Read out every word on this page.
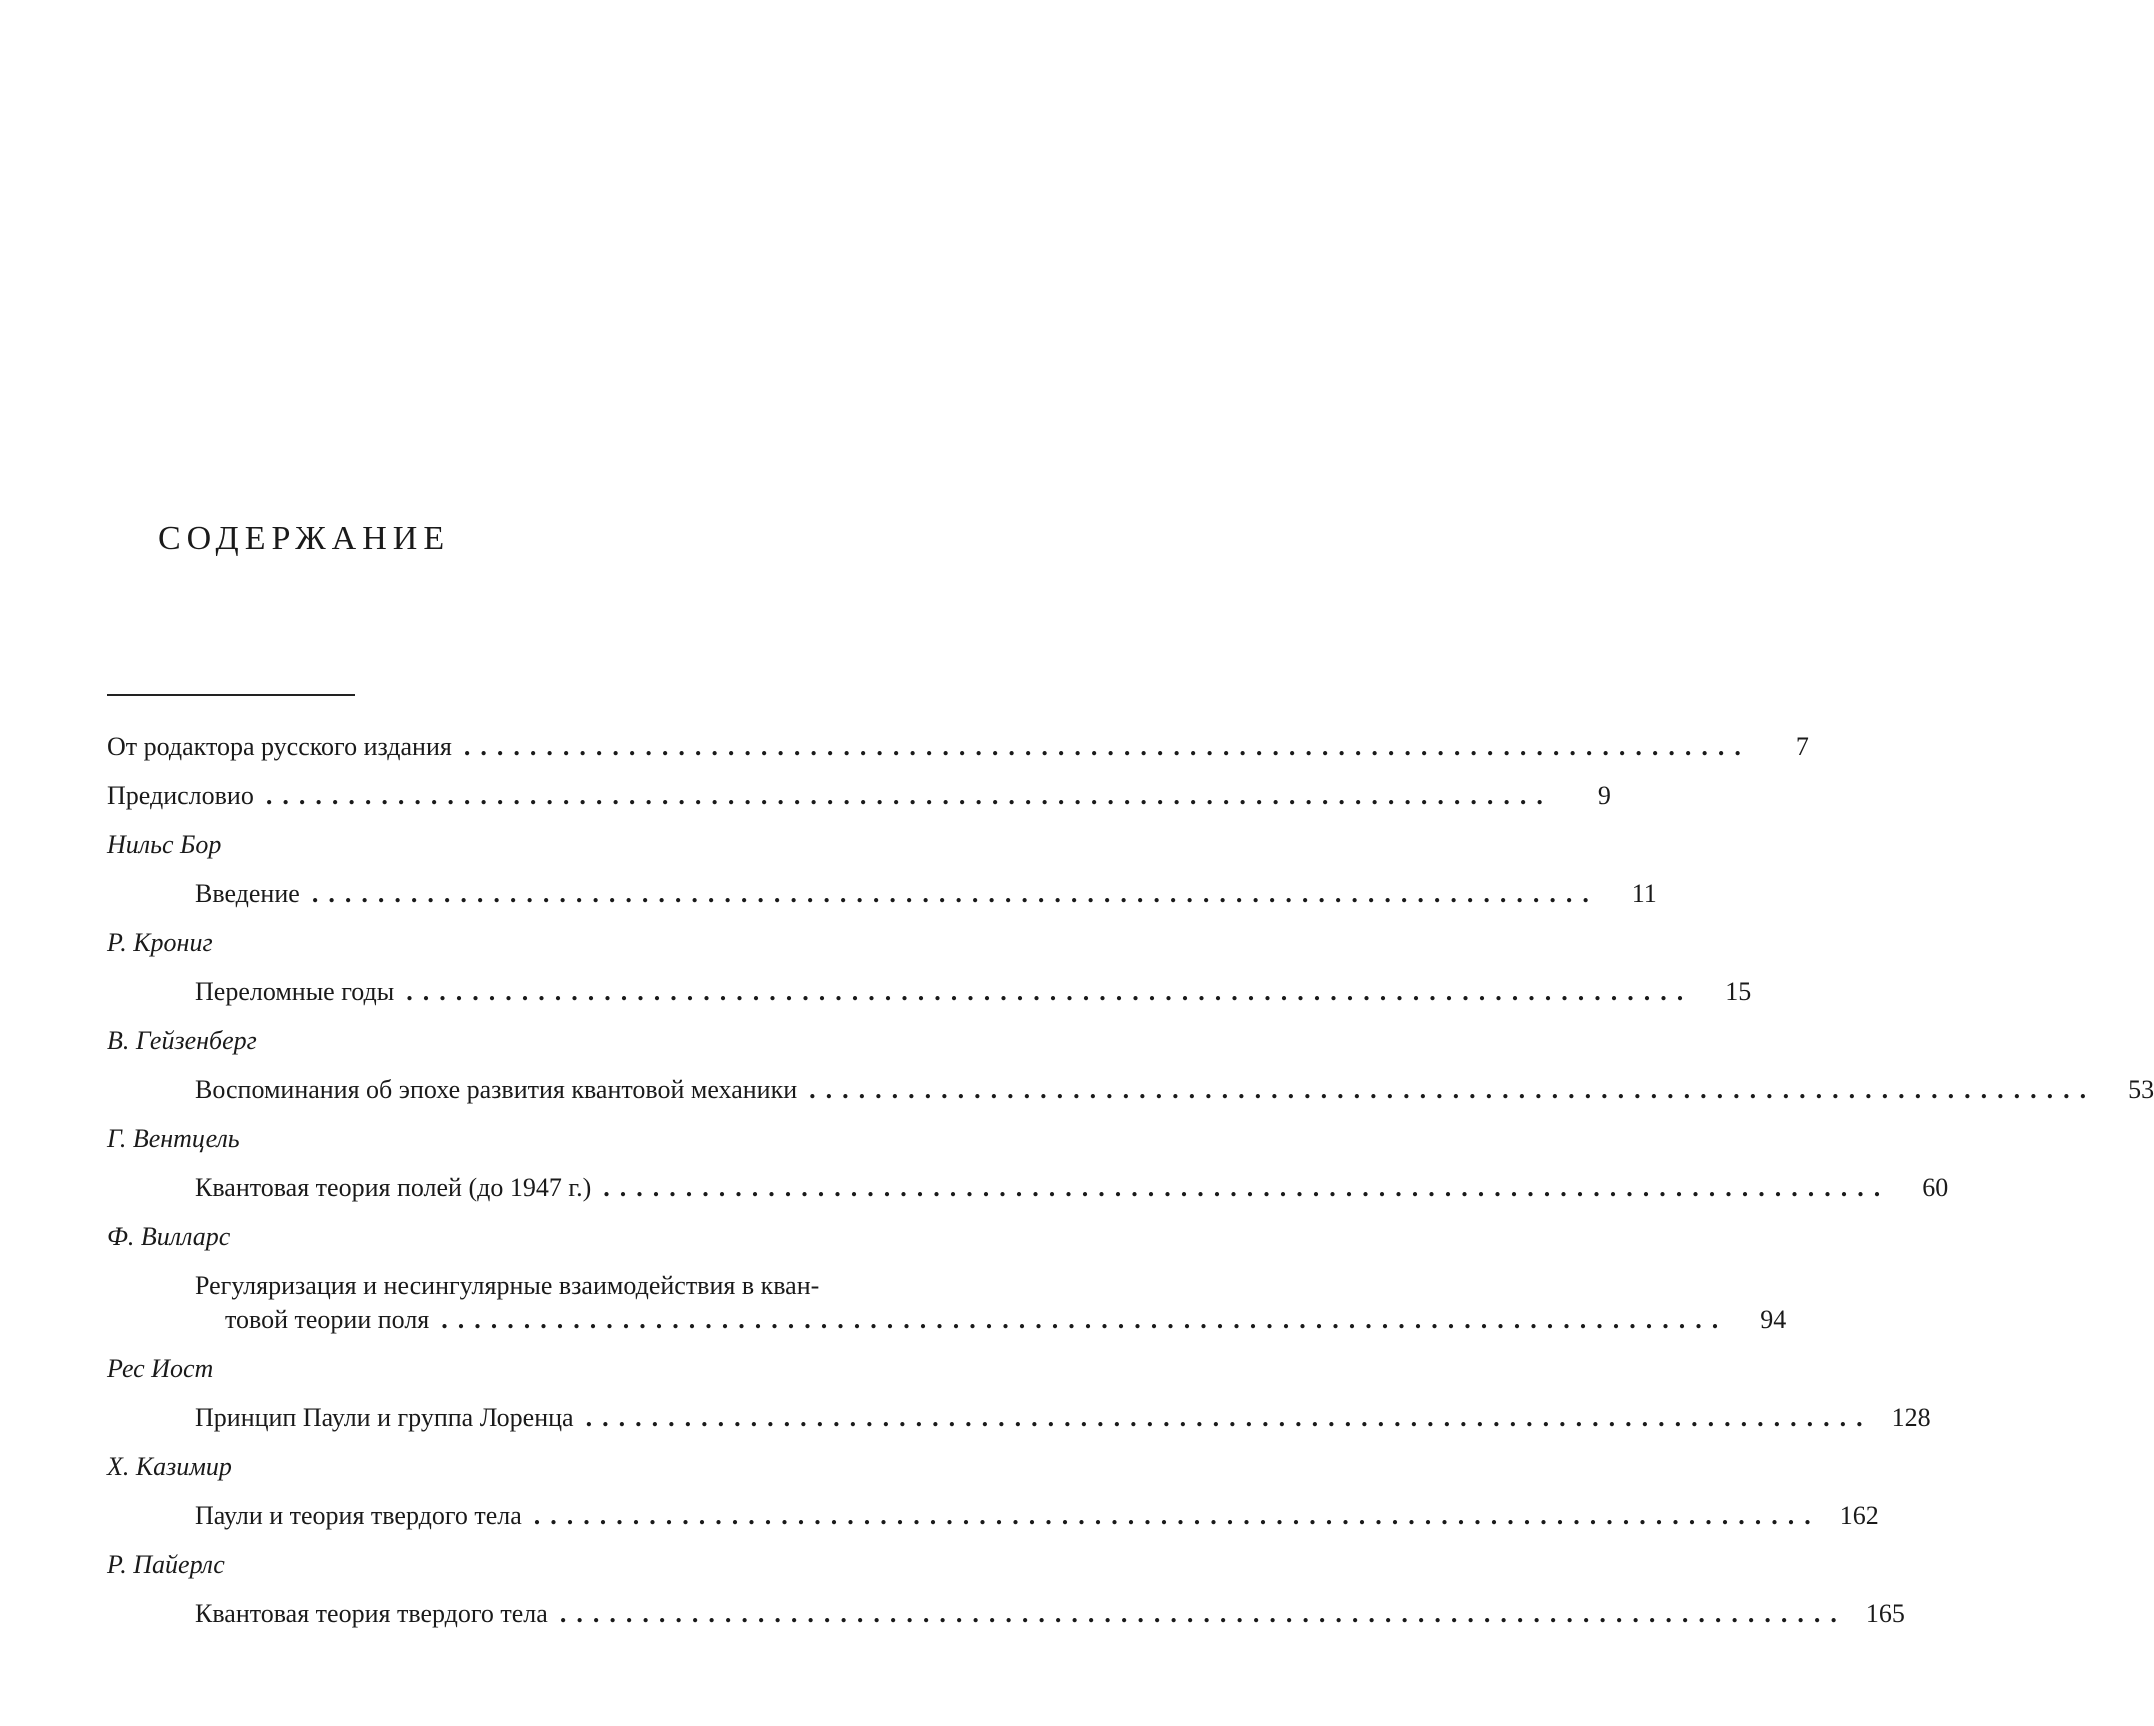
СОДЕРЖАНИЕ
От родактора русского издания ..............................................................................	7
Предисловио ..............................................................................	9
Нильс Бор
Введение ..............................................................................	11
Р. Крониг
Переломные годы ..............................................................................	15
В. Гейзенберг
Воспоминания об эпохе развития квантовой механики ..............................................................................	53
Г. Вентцель
Квантовая теория полей (до 1947 г.) ..............................................................................	60
Ф. Вилларс
Регуляризация и несингулярные взаимодействия в кван-
товой теории поля ..............................................................................	94
Рес Иост
Принцип Паули и группа Лоренца .............................................................................. 128
Х. Казимир
Паули и теория твердого тела .............................................................................. 162
Р. Пайерлс
Квантовая теория твердого тела .............................................................................. 165
